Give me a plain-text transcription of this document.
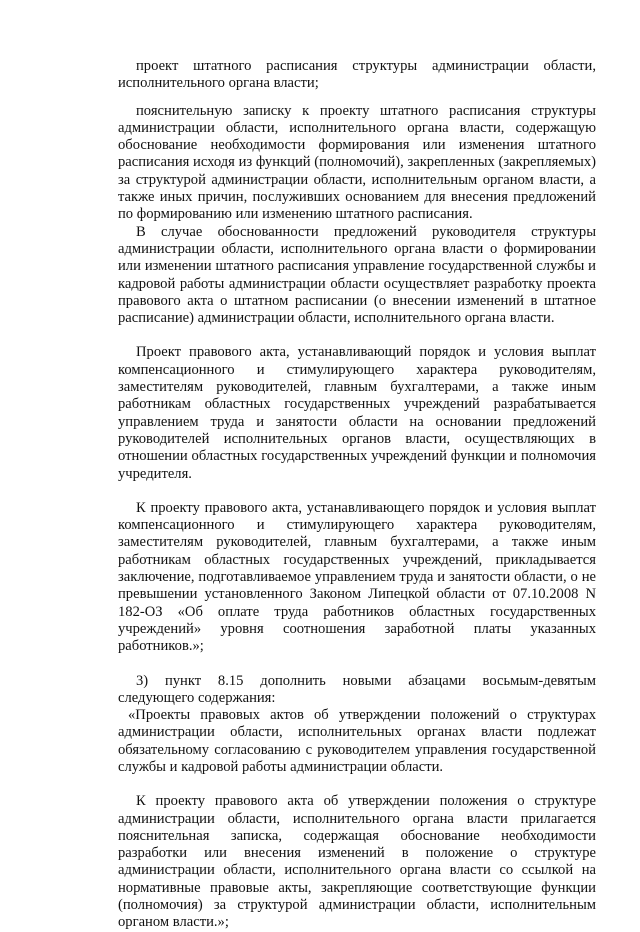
проект штатного расписания структуры администрации области, исполнительного органа власти;

пояснительную записку к проекту штатного расписания структуры администрации области, исполнительного органа власти, содержащую обоснование необходимости формирования или изменения штатного расписания исходя из функций (полномочий), закрепленных (закрепляемых) за структурой администрации области, исполнительным органом власти, а также иных причин, послуживших основанием для внесения предложений по формированию или изменению штатного расписания.

В случае обоснованности предложений руководителя структуры администрации области, исполнительного органа власти о формировании или изменении штатного расписания управление государственной службы и кадровой работы администрации области осуществляет разработку проекта правового акта о штатном расписании (о внесении изменений в штатное расписание) администрации области, исполнительного органа власти.

Проект правового акта, устанавливающий порядок и условия выплат компенсационного и стимулирующего характера руководителям, заместителям руководителей, главным бухгалтерами, а также иным работникам областных государственных учреждений разрабатывается управлением труда и занятости области на основании предложений руководителей исполнительных органов власти, осуществляющих в отношении областных государственных учреждений функции и полномочия учредителя.

К проекту правового акта, устанавливающего порядок и условия выплат компенсационного и стимулирующего характера руководителям, заместителям руководителей, главным бухгалтерами, а также иным работникам областных государственных учреждений, прикладывается заключение, подготавливаемое управлением труда и занятости области, о не превышении установленного Законом Липецкой области от 07.10.2008 N 182-ОЗ «Об оплате труда работников областных государственных учреждений» уровня соотношения заработной платы указанных работников.»;

3) пункт 8.15 дополнить новыми абзацами восьмым-девятым следующего содержания:

«Проекты правовых актов об утверждении положений о структурах администрации области, исполнительных органах власти подлежат обязательному согласованию с руководителем управления государственной службы и кадровой работы администрации области.

К проекту правового акта об утверждении положения о структуре администрации области, исполнительного органа власти прилагается пояснительная записка, содержащая обоснование необходимости разработки или внесения изменений в положение о структуре администрации области, исполнительного органа власти со ссылкой на нормативные правовые акты, закрепляющие соответствующие функции (полномочия) за структурой администрации области, исполнительным органом власти.»;
